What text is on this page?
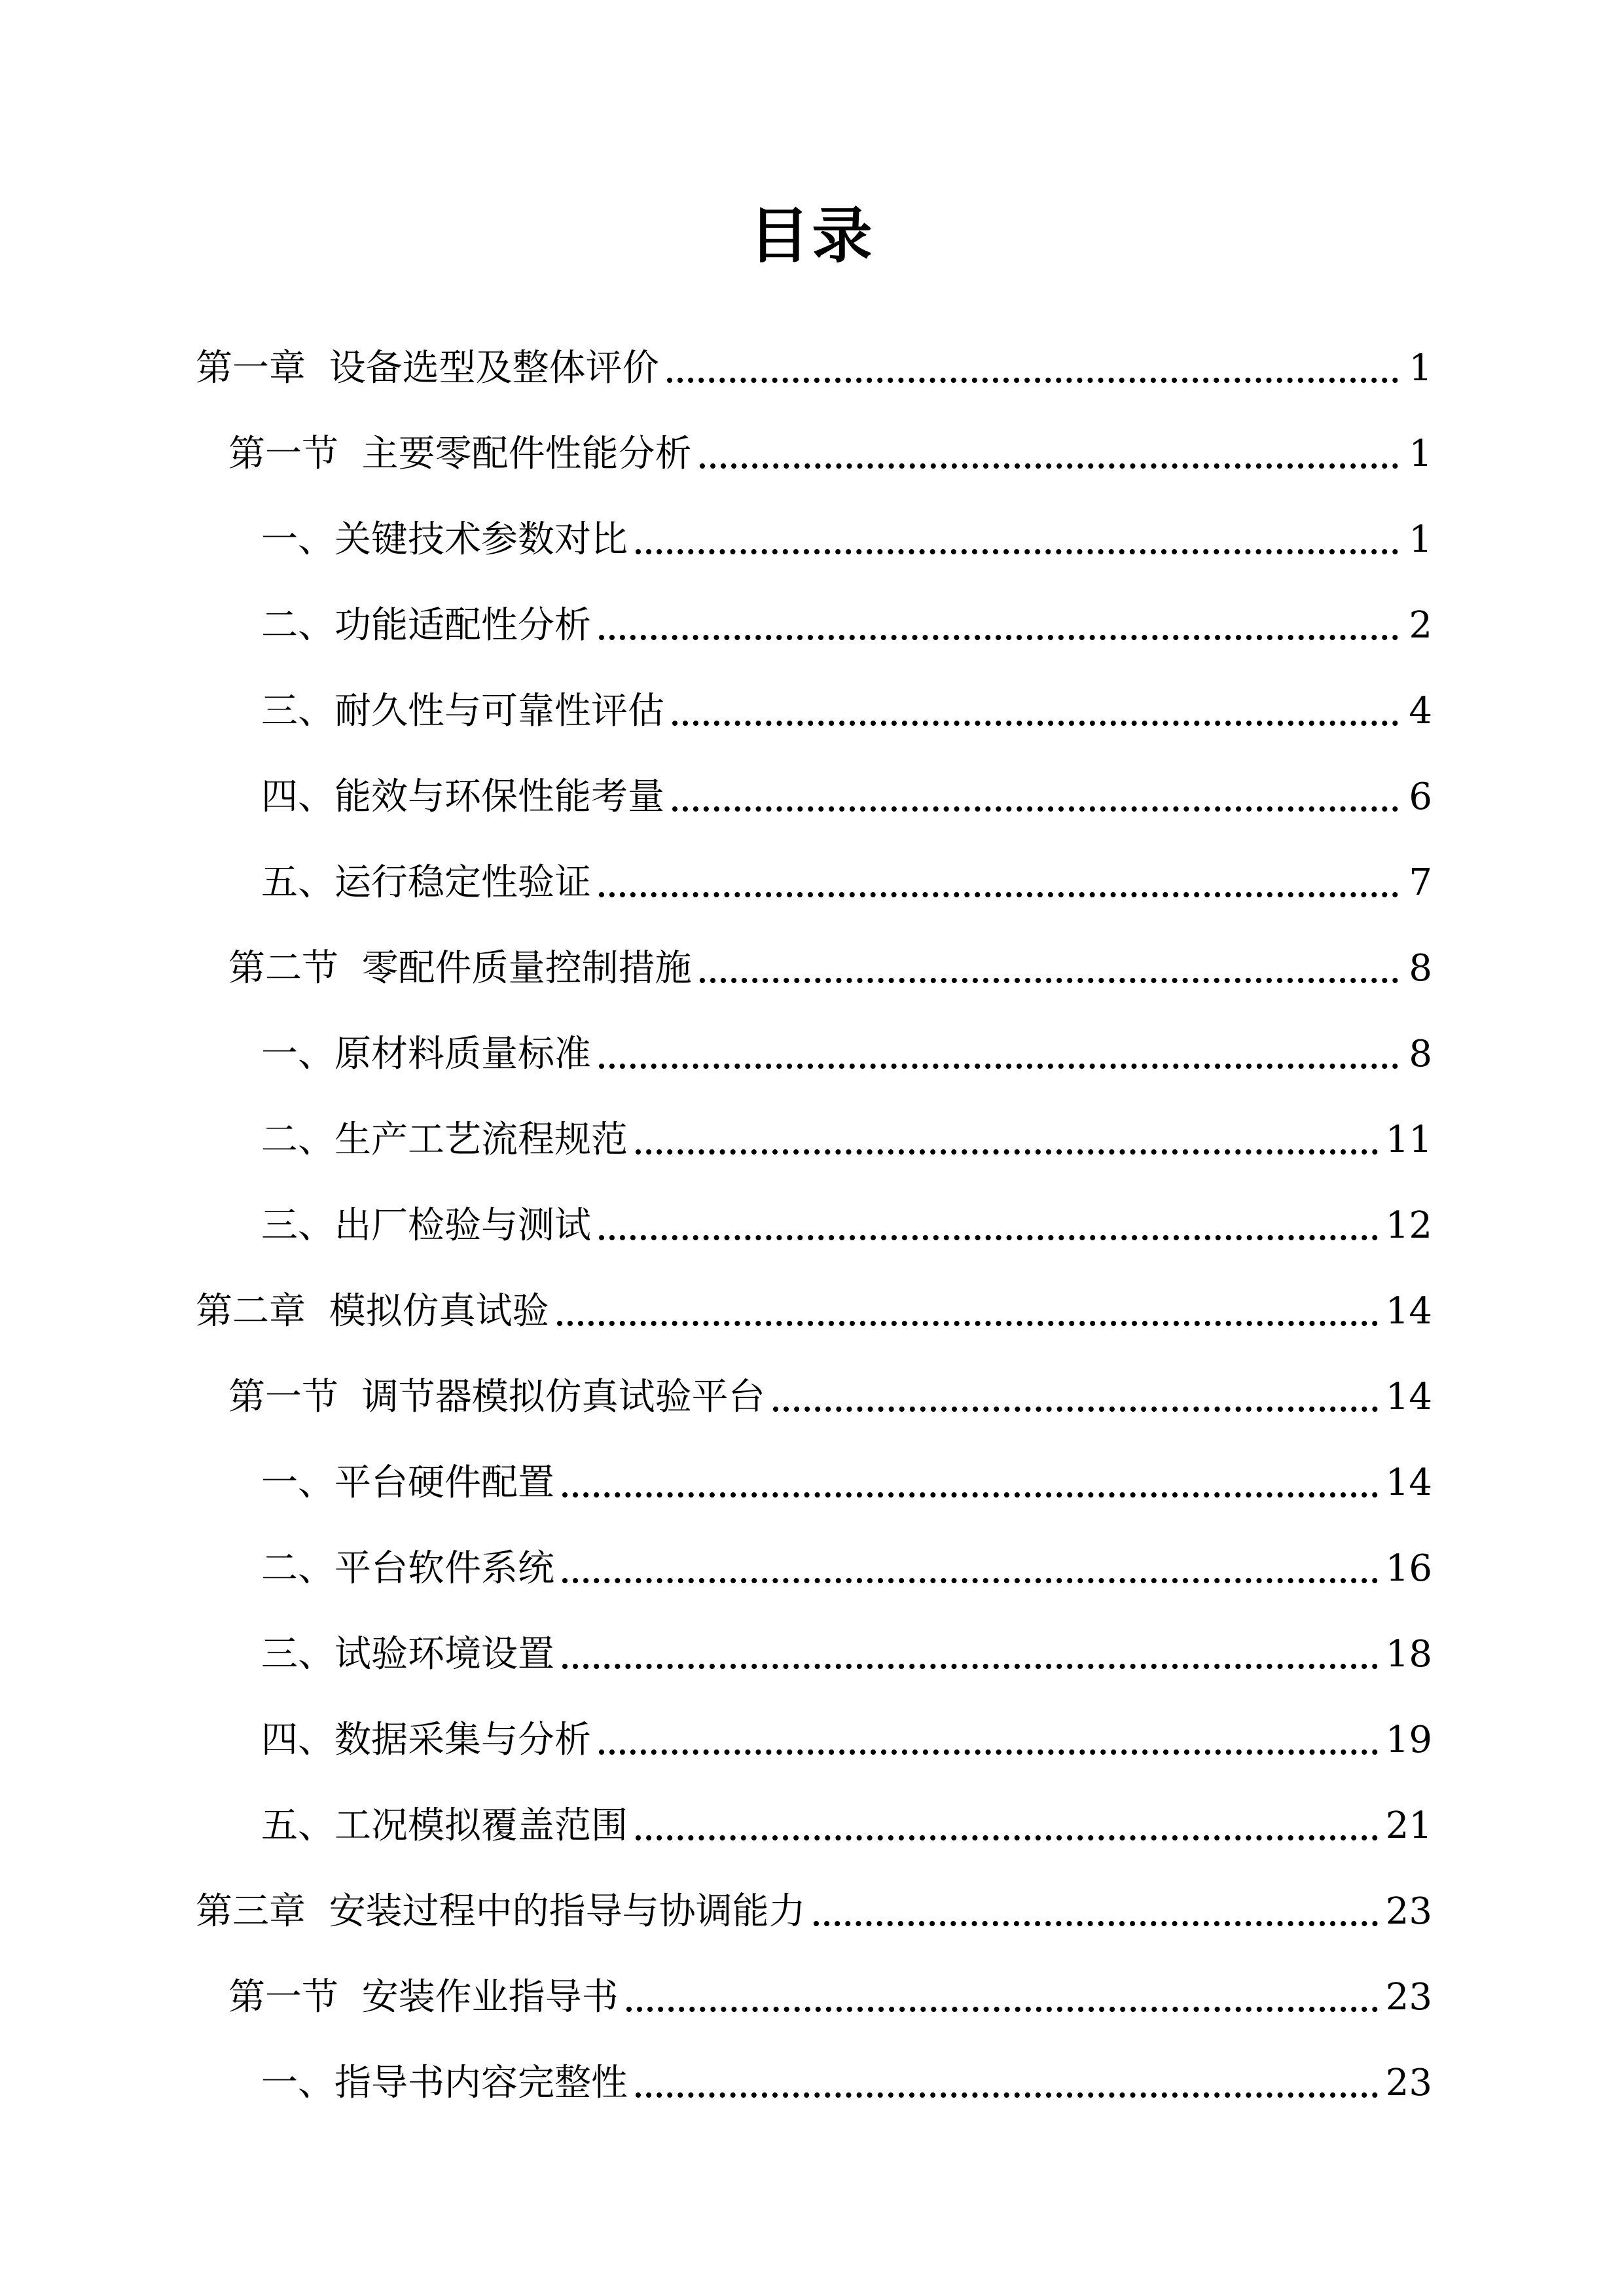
目录
第一章  设备选型及整体评价	1
第一节  主要零配件性能分析	1
一、关键技术参数对比	1
二、功能适配性分析	2
三、耐久性与可靠性评估	4
四、能效与环保性能考量	6
五、运行稳定性验证	7
第二节  零配件质量控制措施	8
一、原材料质量标准	8
二、生产工艺流程规范	11
三、出厂检验与测试	12
第二章  模拟仿真试验	14
第一节  调节器模拟仿真试验平台	14
一、平台硬件配置	14
二、平台软件系统	16
三、试验环境设置	18
四、数据采集与分析	19
五、工况模拟覆盖范围	21
第三章  安装过程中的指导与协调能力	23
第一节  安装作业指导书	23
一、指导书内容完整性	23
